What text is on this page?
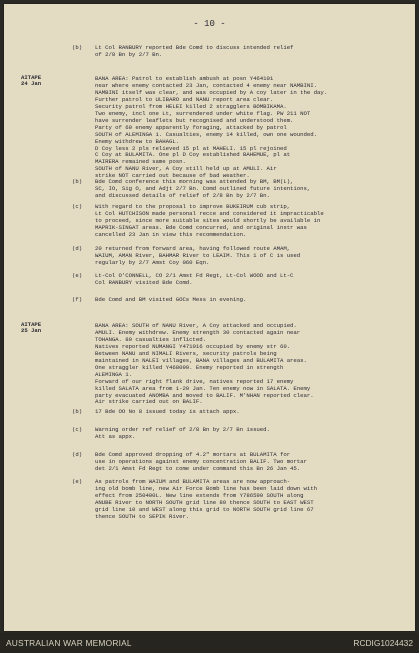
- 10 -
(b) Lt Col RANBURY reported Bde Comd to discuss intended relief
of 2/8 Bn by 2/7 Bn.
AITAPE
24 Jan
BANA AREA: Patrol to establish ambush at posn Y464101
near where enemy contacted 23 Jan, contacted 4 enemy near NAMBINI.
NAMBINI itself was clear, and was occupied by A coy later in the day.
Further patrol to ULIBARO and NANU report area clear.
Security patrol from HELEI killed 2 stragglers BOMBIKAMA.
Two enemy, incl one Lt, surrendered under white flag. PW 211 NOT
have surrender leaflets but recognised and understood them.
Party of 60 enemy apparently foraging, attacked by patrol
SOUTH of ALEMINGA 1. Casualties, enemy 14 killed, own one wounded.
Enemy withdrew to BAHAGL.
D Coy less 2 pls relieved 15 pl at MAHELI. 15 pl rejoined
C Coy at BULAMITA. One pl D Coy established BAHEMUE, pl at
MAIRERA remained same posn.
SOUTH of NANU River, A Coy still held up at AMULI. Air
strike NOT carried out because of bad weather.
(b) Bde Comd conference this morning was attended by BM, BM(L),
SC, IO, Sig O, and Adjt 2/7 Bn. Comd outlined future intentions,
and discussed details of relief of 2/8 Bn by 2/7 Bn.
(c) With regard to the proposal to improve BUKEIRUM cub strip,
Lt Col HUTCHISON made personal recce and considered it impracticable
to proceed, since more suitable sites would shortly be available in
MAPRIK-SINGAT areas. Bde Comd concurred, and original instr was
cancelled 23 Jan in view this recommendation.
(d) 20 returned from forward area, having followed route AMAM,
WAIUM, AMAN River, BAHMAR River to LEAIM. This 1 of C is used
regularly by 2/7 Amst Coy 060 Eqn.
(e) Lt-Col O'CONNELL, CO 2/1 Amst Fd Regt, Lt-Col WOOD and Lt-C
Col RANBURY visited Bde Comd.
(f) Bde Comd and BM visited GOCs Mess in evening.
AITAPE
25 Jan
BANA AREA: SOUTH of NANU River, A Coy attacked and occupied.
AMULI. Enemy withdrew. Enemy strength 30 contacted again near
TOHANGA. 80 casualties inflicted.
Natives reported NUMANGI Y471016 occupied by enemy str 60.
Between NANU and NIMALI Rivers, security patrols being
maintained in NALEI villages, BANA villages and BULAMITA areas.
One straggler killed Y468099. Enemy reported in strength
ALEMINGA 1.
Forward of our right flank drive, natives reported 17 enemy
killed SALATA area from 1-20 Jan. Ten enemy now in SALATA. Enemy
party evacuated ANOMBA and moved to BALIF. M'NHAN reported clear.
Air strike carried out on BALIF.
(b) 17 Bde OO No 8 issued today is attach appx.
(c) Warning order ref relief of 2/8 Bn by 2/7 Bn issued.
Att as appx.
(d) Bde Comd approved dropping of 4.2" mortars at BULAMITA for
use in operations against enemy concentration BALIF. Two mortar
det 2/1 Amst Fd Regt to come under command this Bn 26 Jan 45.
(e) As patrols from WAIUM and BULAMITA areas are now approach-
ing old bomb line, new Air Force Bomb line has been laid down with
effect from 250400L. New line extends from Y786590 SOUTH along
ANUBE River to NORTH SOUTH grid line 80 thence SOUTH to EAST WEST
grid line 10 and WEST along this grid to NORTH SOUTH grid line 67
thence SOUTH to SEPIK River.
AUSTRALIAN WAR MEMORIAL	RCDIG1024432
